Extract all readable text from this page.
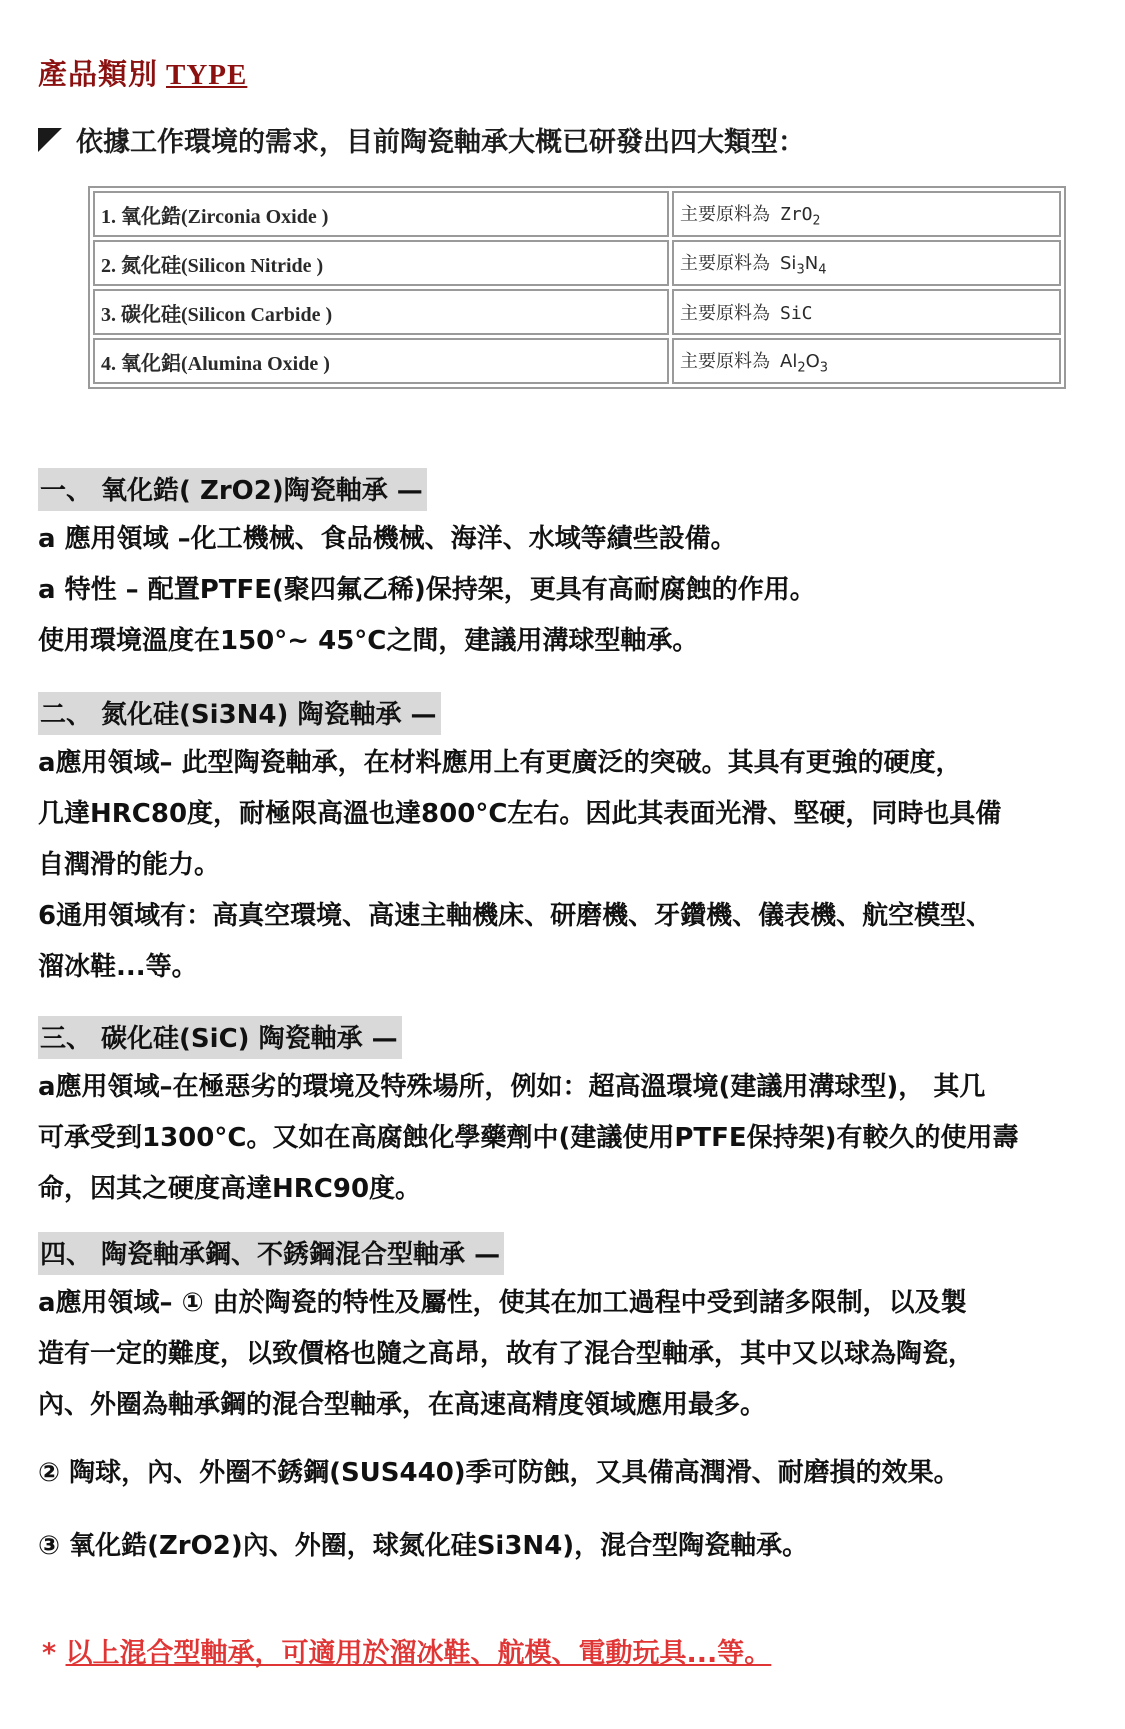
產品類別 TYPE
依據工作環境的需求，目前陶瓷軸承大概已研發出四大類型：
1. 氧化鋯(Zirconia Oxide )	主要原料為 ZrO$_2$
2. 氮化硅(Silicon Nitride )	主要原料為 $Si_3N_4$
3. 碳化硅(Silicon Carbide )	主要原料為 SiC
4. 氧化鋁(Alumina Oxide )	主要原料為 $Al_2O_3$
一、 氧化鋯( ZrO2)陶瓷軸承 —
a 應用領域 –化工機械、食品機械、海洋、水域等績些設備。
a 特性 – 配置PTFE(聚四氟乙稀)保持架，更具有高耐腐蝕的作用。
使用環境溫度在150°~ 45°C之間，建議用溝球型軸承。
二、 氮化硅(Si3N4) 陶瓷軸承 —
a應用領域– 此型陶瓷軸承，在材料應用上有更廣泛的突破。其具有更強的硬度，
几達HRC80度，耐極限高溫也達800°C左右。因此其表面光滑、堅硬，同時也具備
自潤滑的能力。
6通用領域有：高真空環境、高速主軸機床、研磨機、牙鑽機、儀表機、航空模型、
溜冰鞋...等。
三、 碳化硅(SiC) 陶瓷軸承 —
a應用領域–在極惡劣的環境及特殊場所，例如：超高溫環境(建議用溝球型)， 其几
可承受到1300°C。又如在高腐蝕化學藥劑中(建議使用PTFE保持架)有較久的使用壽
命，因其之硬度高達HRC90度。
四、 陶瓷軸承鋼、不銹鋼混合型軸承 —
a應用領域– ① 由於陶瓷的特性及屬性，使其在加工過程中受到諸多限制，以及製
造有一定的難度，以致價格也隨之高昂，故有了混合型軸承，其中又以球為陶瓷，
內、外圈為軸承鋼的混合型軸承，在高速高精度領域應用最多。
② 陶球，內、外圈不銹鋼(SUS440)季可防蝕，又具備高潤滑、耐磨損的效果。
③ 氧化鋯(ZrO2)內、外圈，球氮化硅Si3N4)，混合型陶瓷軸承。
* 以上混合型軸承，可適用於溜冰鞋、航模、電動玩具...等。
